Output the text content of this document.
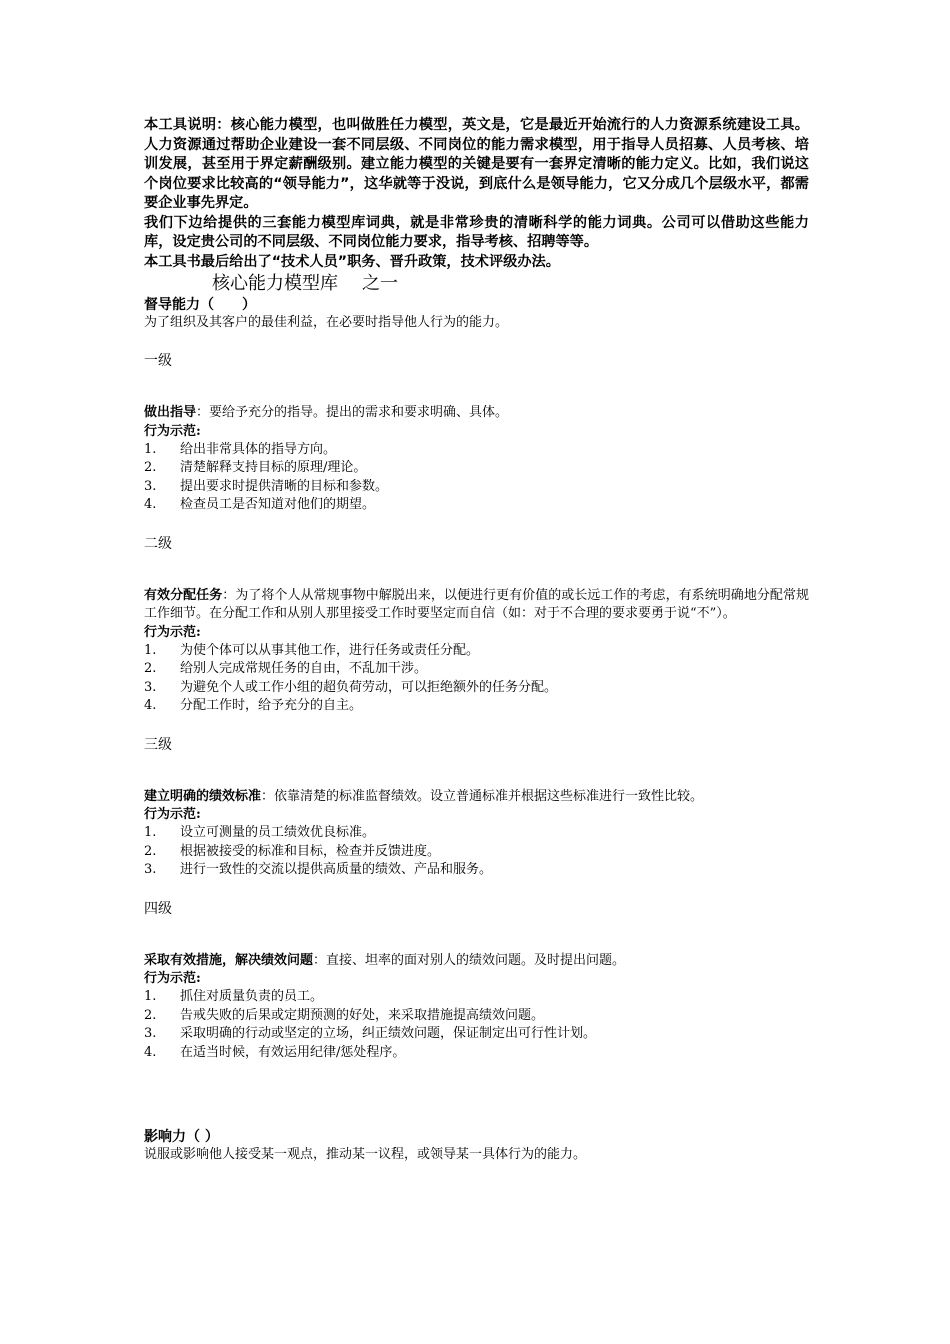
本工具说明：核心能力模型，也叫做胜任力模型，英文是，它是最近开始流行的人力资源系统建设工具。人力资源通过帮助企业建设一套不同层级、不同岗位的能力需求模型，用于指导人员招募、人员考核、培训发展，甚至用于界定薪酬级别。建立能力模型的关键是要有一套界定清晰的能力定义。比如，我们说这个岗位要求比较高的“领导能力”，这华就等于没说，到底什么是领导能力，它又分成几个层级水平，都需要企业事先界定。

我们下边给提供的三套能力模型库词典，就是非常珍贵的清晰科学的能力词典。公司可以借助这些能力库，设定贵公司的不同层级、不同岗位能力要求，指导考核、招聘等等。

本工具书最后给出了“技术人员”职务、晋升政策，技术评级办法。

核心能力模型库 之一

督导能力（　　）

为了组织及其客户的最佳利益，在必要时指导他人行为的能力。

一级

做出指导：要给予充分的指导。提出的需求和要求明确、具体。

行为示范:

1.	给出非常具体的指导方向。
2.	清楚解释支持目标的原理/理论。
3.	提出要求时提供清晰的目标和参数。
4.	检查员工是否知道对他们的期望。

二级

有效分配任务：为了将个人从常规事物中解脱出来，以便进行更有价值的或长远工作的考虑，有系统明确地分配常规工作细节。在分配工作和从别人那里接受工作时要坚定而自信（如：对于不合理的要求要勇于说“不”）。

行为示范:

1.	为使个体可以从事其他工作，进行任务或责任分配。
2.	给别人完成常规任务的自由，不乱加干涉。
3.	为避免个人或工作小组的超负荷劳动，可以拒绝额外的任务分配。
4.	分配工作时，给予充分的自主。

三级

建立明确的绩效标准：依靠清楚的标准监督绩效。设立普通标准并根据这些标准进行一致性比较。

行为示范:

1.	设立可测量的员工绩效优良标准。
2.	根据被接受的标准和目标，检查并反馈进度。
3.	进行一致性的交流以提供高质量的绩效、产品和服务。

四级

采取有效措施，解决绩效问题：直接、坦率的面对别人的绩效问题。及时提出问题。

行为示范:

1.	抓住对质量负责的员工。
2.	告戒失败的后果或定期预测的好处，来采取措施提高绩效问题。
3.	采取明确的行动或坚定的立场，纠正绩效问题，保证制定出可行性计划。
4.	在适当时候，有效运用纪律/惩处程序。

影响力（ ）

说服或影响他人接受某一观点，推动某一议程，或领导某一具体行为的能力。
